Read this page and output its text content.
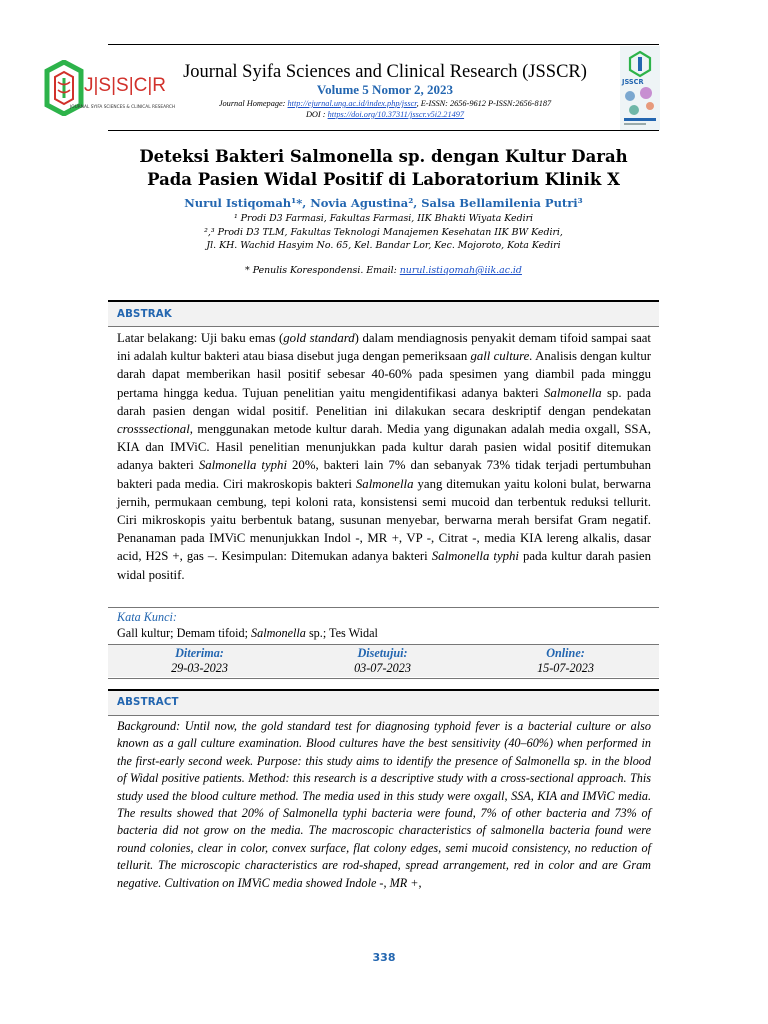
J|S|S|C|R
JOURNAL SYIFA SCIENCES & CLINICAL RESEARCH
JSSCR
Journal Syifa Sciences and Clinical Research (JSSCR)
Volume 5 Nomor 2, 2023
Journal Homepage: http://ejurnal.ung.ac.id/index.php/jsscr, E-ISSN: 2656-9612 P-ISSN:2656-8187
DOI : https://doi.org/10.37311/jsscr.v5i2.21497
Deteksi Bakteri Salmonella sp. dengan Kultur Darah
Pada Pasien Widal Positif di Laboratorium Klinik X
Nurul Istiqomah¹*, Novia Agustina², Salsa Bellamilenia Putri³
¹ Prodi D3 Farmasi, Fakultas Farmasi, IIK Bhakti Wiyata Kediri
²,³ Prodi D3 TLM, Fakultas Teknologi Manajemen Kesehatan IIK BW Kediri,
Jl. KH. Wachid Hasyim No. 65, Kel. Bandar Lor, Kec. Mojoroto, Kota Kediri
* Penulis Korespondensi. Email: nurul.istiqomah@iik.ac.id
ABSTRAK
Latar belakang: Uji baku emas (gold standard) dalam mendiagnosis penyakit demam tifoid sampai saat ini adalah kultur bakteri atau biasa disebut juga dengan pemeriksaan gall culture. Analisis dengan kultur darah dapat memberikan hasil positif sebesar 40-60% pada spesimen yang diambil pada minggu pertama hingga kedua. Tujuan penelitian yaitu mengidentifikasi adanya bakteri Salmonella sp. pada darah pasien dengan widal positif. Penelitian ini dilakukan secara deskriptif dengan pendekatan crosssectional, menggunakan metode kultur darah. Media yang digunakan adalah media oxgall, SSA, KIA dan IMViC. Hasil penelitian menunjukkan pada kultur darah pasien widal positif ditemukan adanya bakteri Salmonella typhi 20%, bakteri lain 7% dan sebanyak 73% tidak terjadi pertumbuhan bakteri pada media. Ciri makroskopis bakteri Salmonella yang ditemukan yaitu koloni bulat, berwarna jernih, permukaan cembung, tepi koloni rata, konsistensi semi mucoid dan terbentuk reduksi tellurit. Ciri mikroskopis yaitu berbentuk batang, susunan menyebar, berwarna merah bersifat Gram negatif. Penanaman pada IMViC menunjukkan Indol -, MR +, VP -, Citrat -, media KIA lereng alkalis, dasar acid, H2S +, gas –. Kesimpulan: Ditemukan adanya bakteri Salmonella typhi pada kultur darah pasien widal positif.
Kata Kunci:
Gall kultur; Demam tifoid; Salmonella sp.; Tes Widal
Diterima:
29-03-2023
Disetujui:
03-07-2023
Online:
15-07-2023
ABSTRACT
Background: Until now, the gold standard test for diagnosing typhoid fever is a bacterial culture or also known as a gall culture examination. Blood cultures have the best sensitivity (40–60%) when performed in the first-early second week. Purpose: this study aims to identify the presence of Salmonella sp. in the blood of Widal positive patients. Method: this research is a descriptive study with a cross-sectional approach. This study used the blood culture method. The media used in this study were oxgall, SSA, KIA and IMViC media. The results showed that 20% of Salmonella typhi bacteria were found, 7% of other bacteria and 73% of bacteria did not grow on the media. The macroscopic characteristics of salmonella bacteria found were round colonies, clear in color, convex surface, flat colony edges, semi mucoid consistency, no reduction of tellurit. The microscopic characteristics are rod-shaped, spread arrangement, red in color and are Gram negative. Cultivation on IMViC media showed Indole -, MR +,
338
